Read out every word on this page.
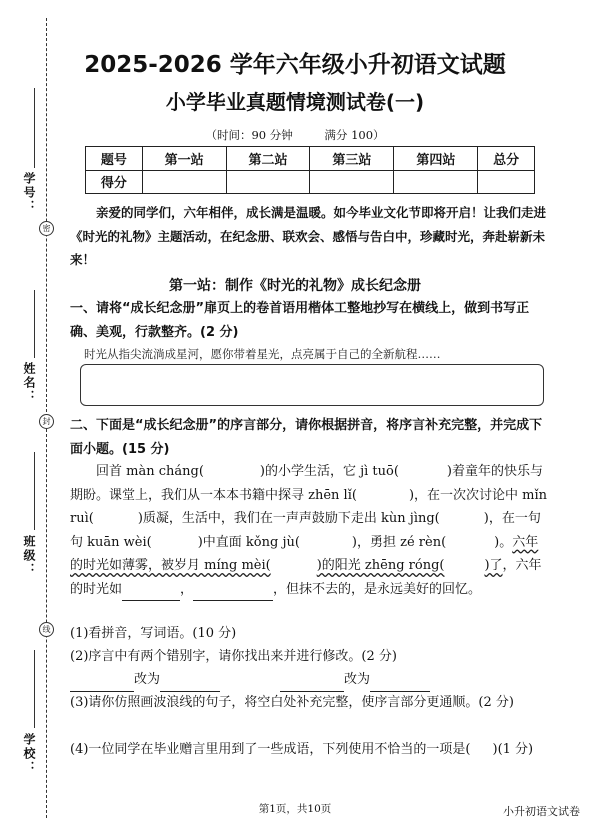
学号：
密
姓名：
封
班级：
线
学校：
2025-2026 学年六年级小升初语文试题
小学毕业真题情境测试卷(一)
（时间：90 分钟	满分 100）
题号	第一站	第二站	第三站	第四站	总分
得分					
亲爱的同学们，六年相伴，成长满是温暖。如今毕业文化节即将开启！让我们走进《时光的礼物》主题活动，在纪念册、联欢会、感悟与告白中，珍藏时光，奔赴崭新未来！
第一站：制作《时光的礼物》成长纪念册
一、请将“成长纪念册”扉页上的卷首语用楷体工整地抄写在横线上，做到书写正确、美观，行款整齐。(2 分)
时光从指尖流淌成星河，愿你带着星光，点亮属于自己的全新航程……
二、下面是“成长纪念册”的序言部分，请你根据拼音，将序言补充完整，并完成下面小题。(15 分)
回首 màn cháng(	)的小学生活，它 jì tuō(	)着童年的快乐与期盼。课堂上，我们从一本本书籍中探寻 zhēn lǐ(	)，在一次次讨论中 mǐn ruì(	)质凝，生活中，我们在一声声鼓励下走出 kùn jìng(	)，在一句句 kuān wèi(	)中直面 kǒng jù(	)，勇担 zé rèn(	)。六年的时光如薄雾，被岁月 míng mèi(	)的阳光 zhēng róng(	)了，六年的时光如	，	，但抹不去的，是永远美好的回忆。
(1)看拼音，写词语。(10 分)
(2)序言中有两个错别字，请你找出来并进行修改。(2 分)
改为	改为
(3)请你仿照画波浪线的句子，将空白处补充完整，使序言部分更通顺。(2 分)
(4)一位同学在毕业赠言里用到了一些成语，下列使用不恰当的一项是( )(1 分)
第1页，共10页	小升初语文试卷
